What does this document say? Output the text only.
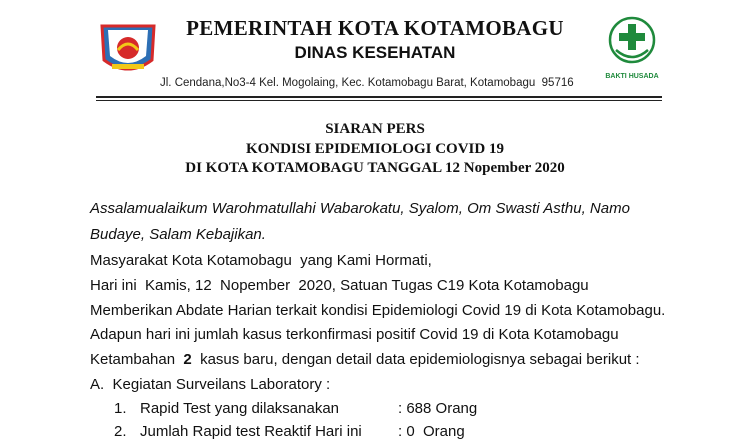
PEMERINTAH KOTA KOTAMOBAGU
DINAS KESEHATAN
Jl. Cendana,No3-4 Kel. Mogolaing, Kec. Kotamobagu Barat, Kotamobagu  95716
BAKTI HUSADA
SIARAN PERS
KONDISI EPIDEMIOLOGI COVID 19
DI KOTA KOTAMOBAGU TANGGAL 12 Nopember 2020
Assalamualaikum Warohmatullahi Wabarokatu, Syalom, Om Swasti Asthu, Namo
Budaye, Salam Kebajikan.
Masyarakat Kota Kotamobagu  yang Kami Hormati,
Hari ini  Kamis, 12  Nopember  2020, Satuan Tugas C19 Kota Kotamobagu
Memberikan Abdate Harian terkait kondisi Epidemiologi Covid 19 di Kota Kotamobagu.
Adapun hari ini jumlah kasus terkonfirmasi positif Covid 19 di Kota Kotamobagu
Ketambahan  2  kasus baru, dengan detail data epidemiologisnya sebagai berikut :
A. Kegiatan Surveilans Laboratory :
1. Rapid Test yang dilaksanakan	: 688 Orang
2. Jumlah Rapid test Reaktif Hari ini : 0  Orang
